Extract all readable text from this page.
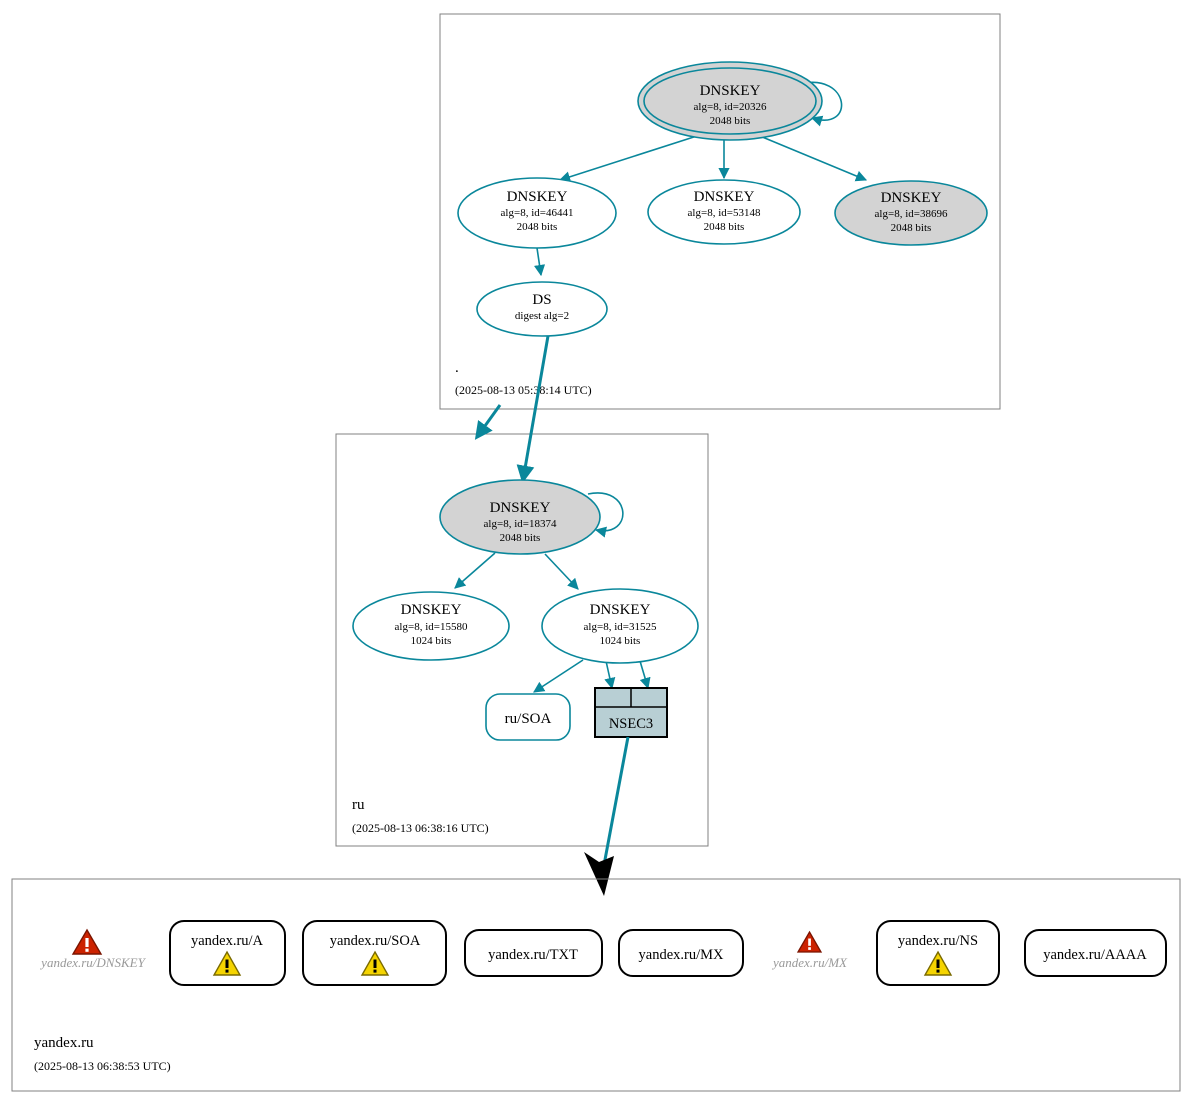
DNSKEY
alg=8, id=20326
2048 bits
DNSKEY
alg=8, id=46441
2048 bits
DNSKEY
alg=8, id=53148
2048 bits
DNSKEY
alg=8, id=38696
2048 bits
DS
digest alg=2
.
(2025-08-13 05:38:14 UTC)
DNSKEY
alg=8, id=18374
2048 bits
DNSKEY
alg=8, id=15580
1024 bits
DNSKEY
alg=8, id=31525
1024 bits
ru/SOA	NSEC3
ru
(2025-08-13 06:38:16 UTC)
yandex.ru/DNSKEY
yandex.ru/A	yandex.ru/SOA
yandex.ru/TXT	yandex.ru/MX	yandex.ru/MX
yandex.ru/NS
yandex.ru/AAAA
yandex.ru
(2025-08-13 06:38:53 UTC)
